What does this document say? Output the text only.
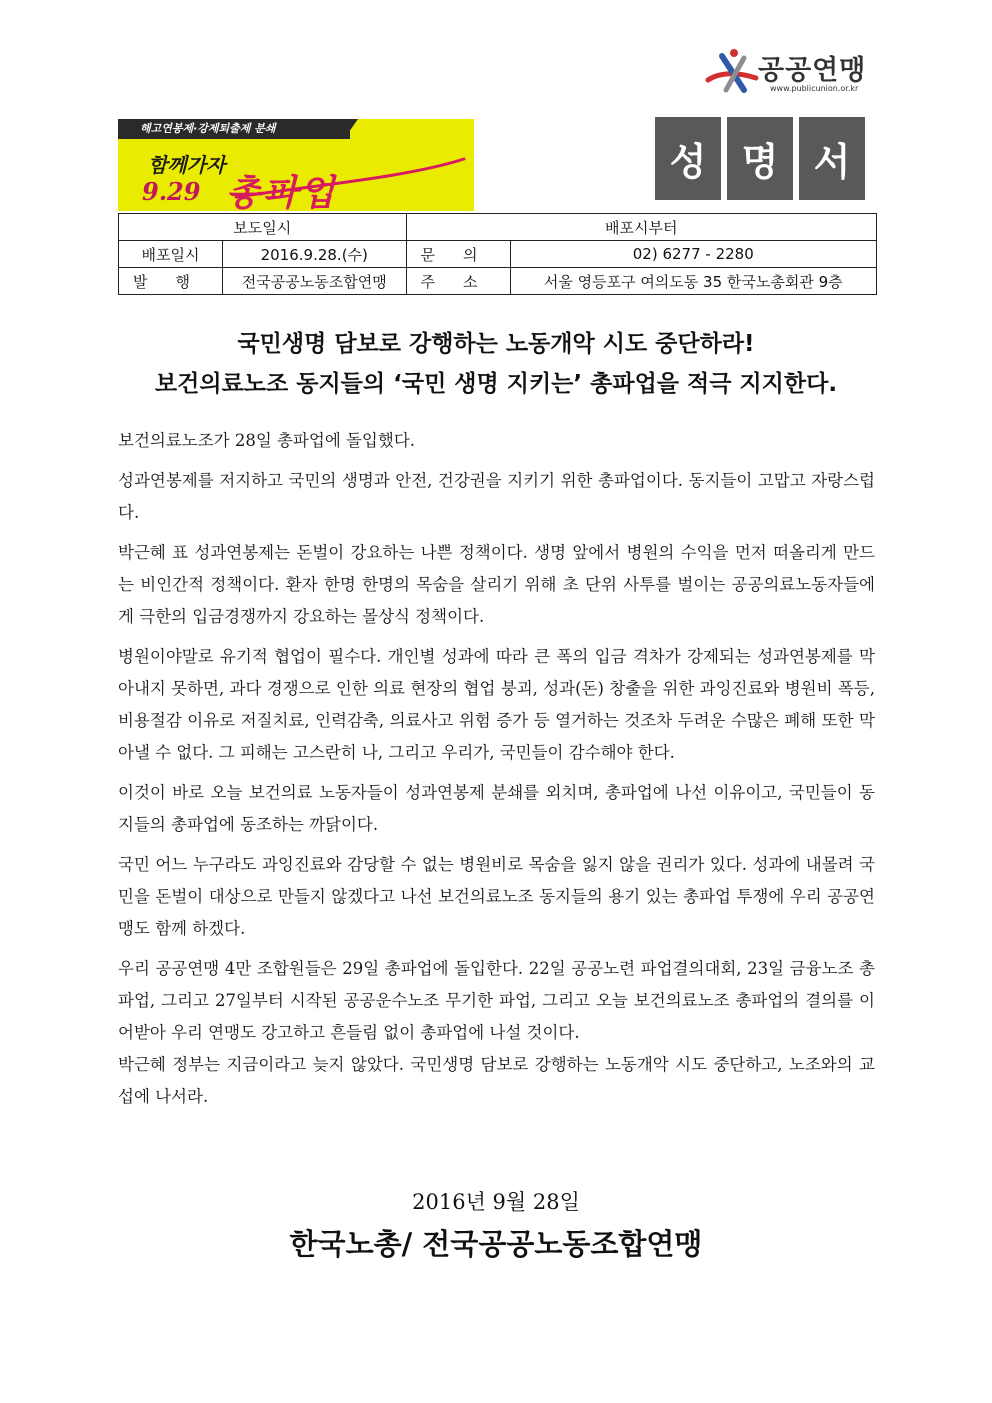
공공연맹
www.publicunion.or.kr
해고연봉제·강제퇴출제 분쇄
함께가자
9.29 총파업
성 명 서
보도일시		배포시부터	
배포일시	2016.9.28.(수)	문의	02) 6277 - 2280
발행	전국공공노동조합연맹	주소	서울 영등포구 여의도동 35 한국노총회관 9층
국민생명 담보로 강행하는 노동개악 시도 중단하라!
보건의료노조 동지들의 ‘국민 생명 지키는’ 총파업을 적극 지지한다.

보건의료노조가 28일 총파업에 돌입했다.

성과연봉제를 저지하고 국민의 생명과 안전, 건강권을 지키기 위한 총파업이다. 동지들이 고맙고 자랑스럽다.

박근혜 표 성과연봉제는 돈벌이 강요하는 나쁜 정책이다. 생명 앞에서 병원의 수익을 먼저 떠올리게 만드는 비인간적 정책이다. 환자 한명 한명의 목숨을 살리기 위해 초 단위 사투를 벌이는 공공의료노동자들에게 극한의 입금경쟁까지 강요하는 몰상식 정책이다.

병원이야말로 유기적 협업이 필수다. 개인별 성과에 따라 큰 폭의 입금 격차가 강제되는 성과연봉제를 막아내지 못하면, 과다 경쟁으로 인한 의료 현장의 협업 붕괴, 성과(돈) 창출을 위한 과잉진료와 병원비 폭등, 비용절감 이유로 저질치료, 인력감축, 의료사고 위험 증가 등 열거하는 것조차 두려운 수많은 폐해 또한 막아낼 수 없다. 그 피해는 고스란히 나, 그리고 우리가, 국민들이 감수해야 한다.

이것이 바로 오늘 보건의료 노동자들이 성과연봉제 분쇄를 외치며, 총파업에 나선 이유이고, 국민들이 동지들의 총파업에 동조하는 까닭이다.

국민 어느 누구라도 과잉진료와 감당할 수 없는 병원비로 목숨을 잃지 않을 권리가 있다. 성과에 내몰려 국민을 돈벌이 대상으로 만들지 않겠다고 나선 보건의료노조 동지들의 용기 있는 총파업 투쟁에 우리 공공연맹도 함께 하겠다.

우리 공공연맹 4만 조합원들은 29일 총파업에 돌입한다. 22일 공공노련 파업결의대회, 23일 금융노조 총파업, 그리고 27일부터 시작된 공공운수노조 무기한 파업, 그리고 오늘 보건의료노조 총파업의 결의를 이어받아 우리 연맹도 강고하고 흔들림 없이 총파업에 나설 것이다.

박근혜 정부는 지금이라고 늦지 않았다. 국민생명 담보로 강행하는 노동개악 시도 중단하고, 노조와의 교섭에 나서라.

2016년 9월 28일
한국노총/ 전국공공노동조합연맹
